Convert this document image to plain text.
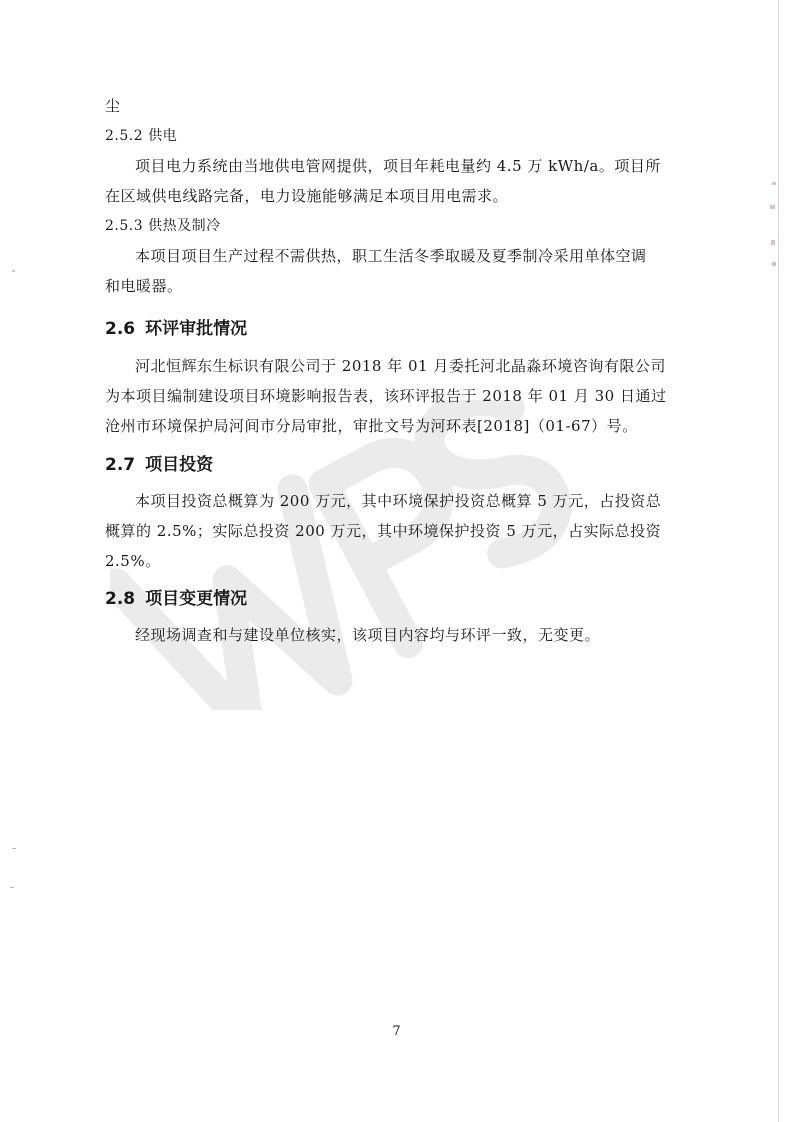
尘
2.5.2 供电
项目电力系统由当地供电管网提供，项目年耗电量约 4.5 万 kWh/a。项目所
在区域供电线路完备，电力设施能够满足本项目用电需求。
2.5.3 供热及制冷
本项目项目生产过程不需供热，职工生活冬季取暖及夏季制冷采用单体空调
和电暖器。
2.6 环评审批情况
河北恒辉东生标识有限公司于 2018 年 01 月委托河北晶淼环境咨询有限公司
为本项目编制建设项目环境影响报告表，该环评报告于 2018 年 01 月 30 日通过
沧州市环境保护局河间市分局审批，审批文号为河环表[2018]（01-67）号。
2.7 项目投资
本项目投资总概算为 200 万元，其中环境保护投资总概算 5 万元，占投资总
概算的 2.5%；实际总投资 200 万元，其中环境保护投资 5 万元，占实际总投资
2.5%。
2.8 项目变更情况
经现场调查和与建设单位核实，该项目内容均与环评一致，无变更。
7
